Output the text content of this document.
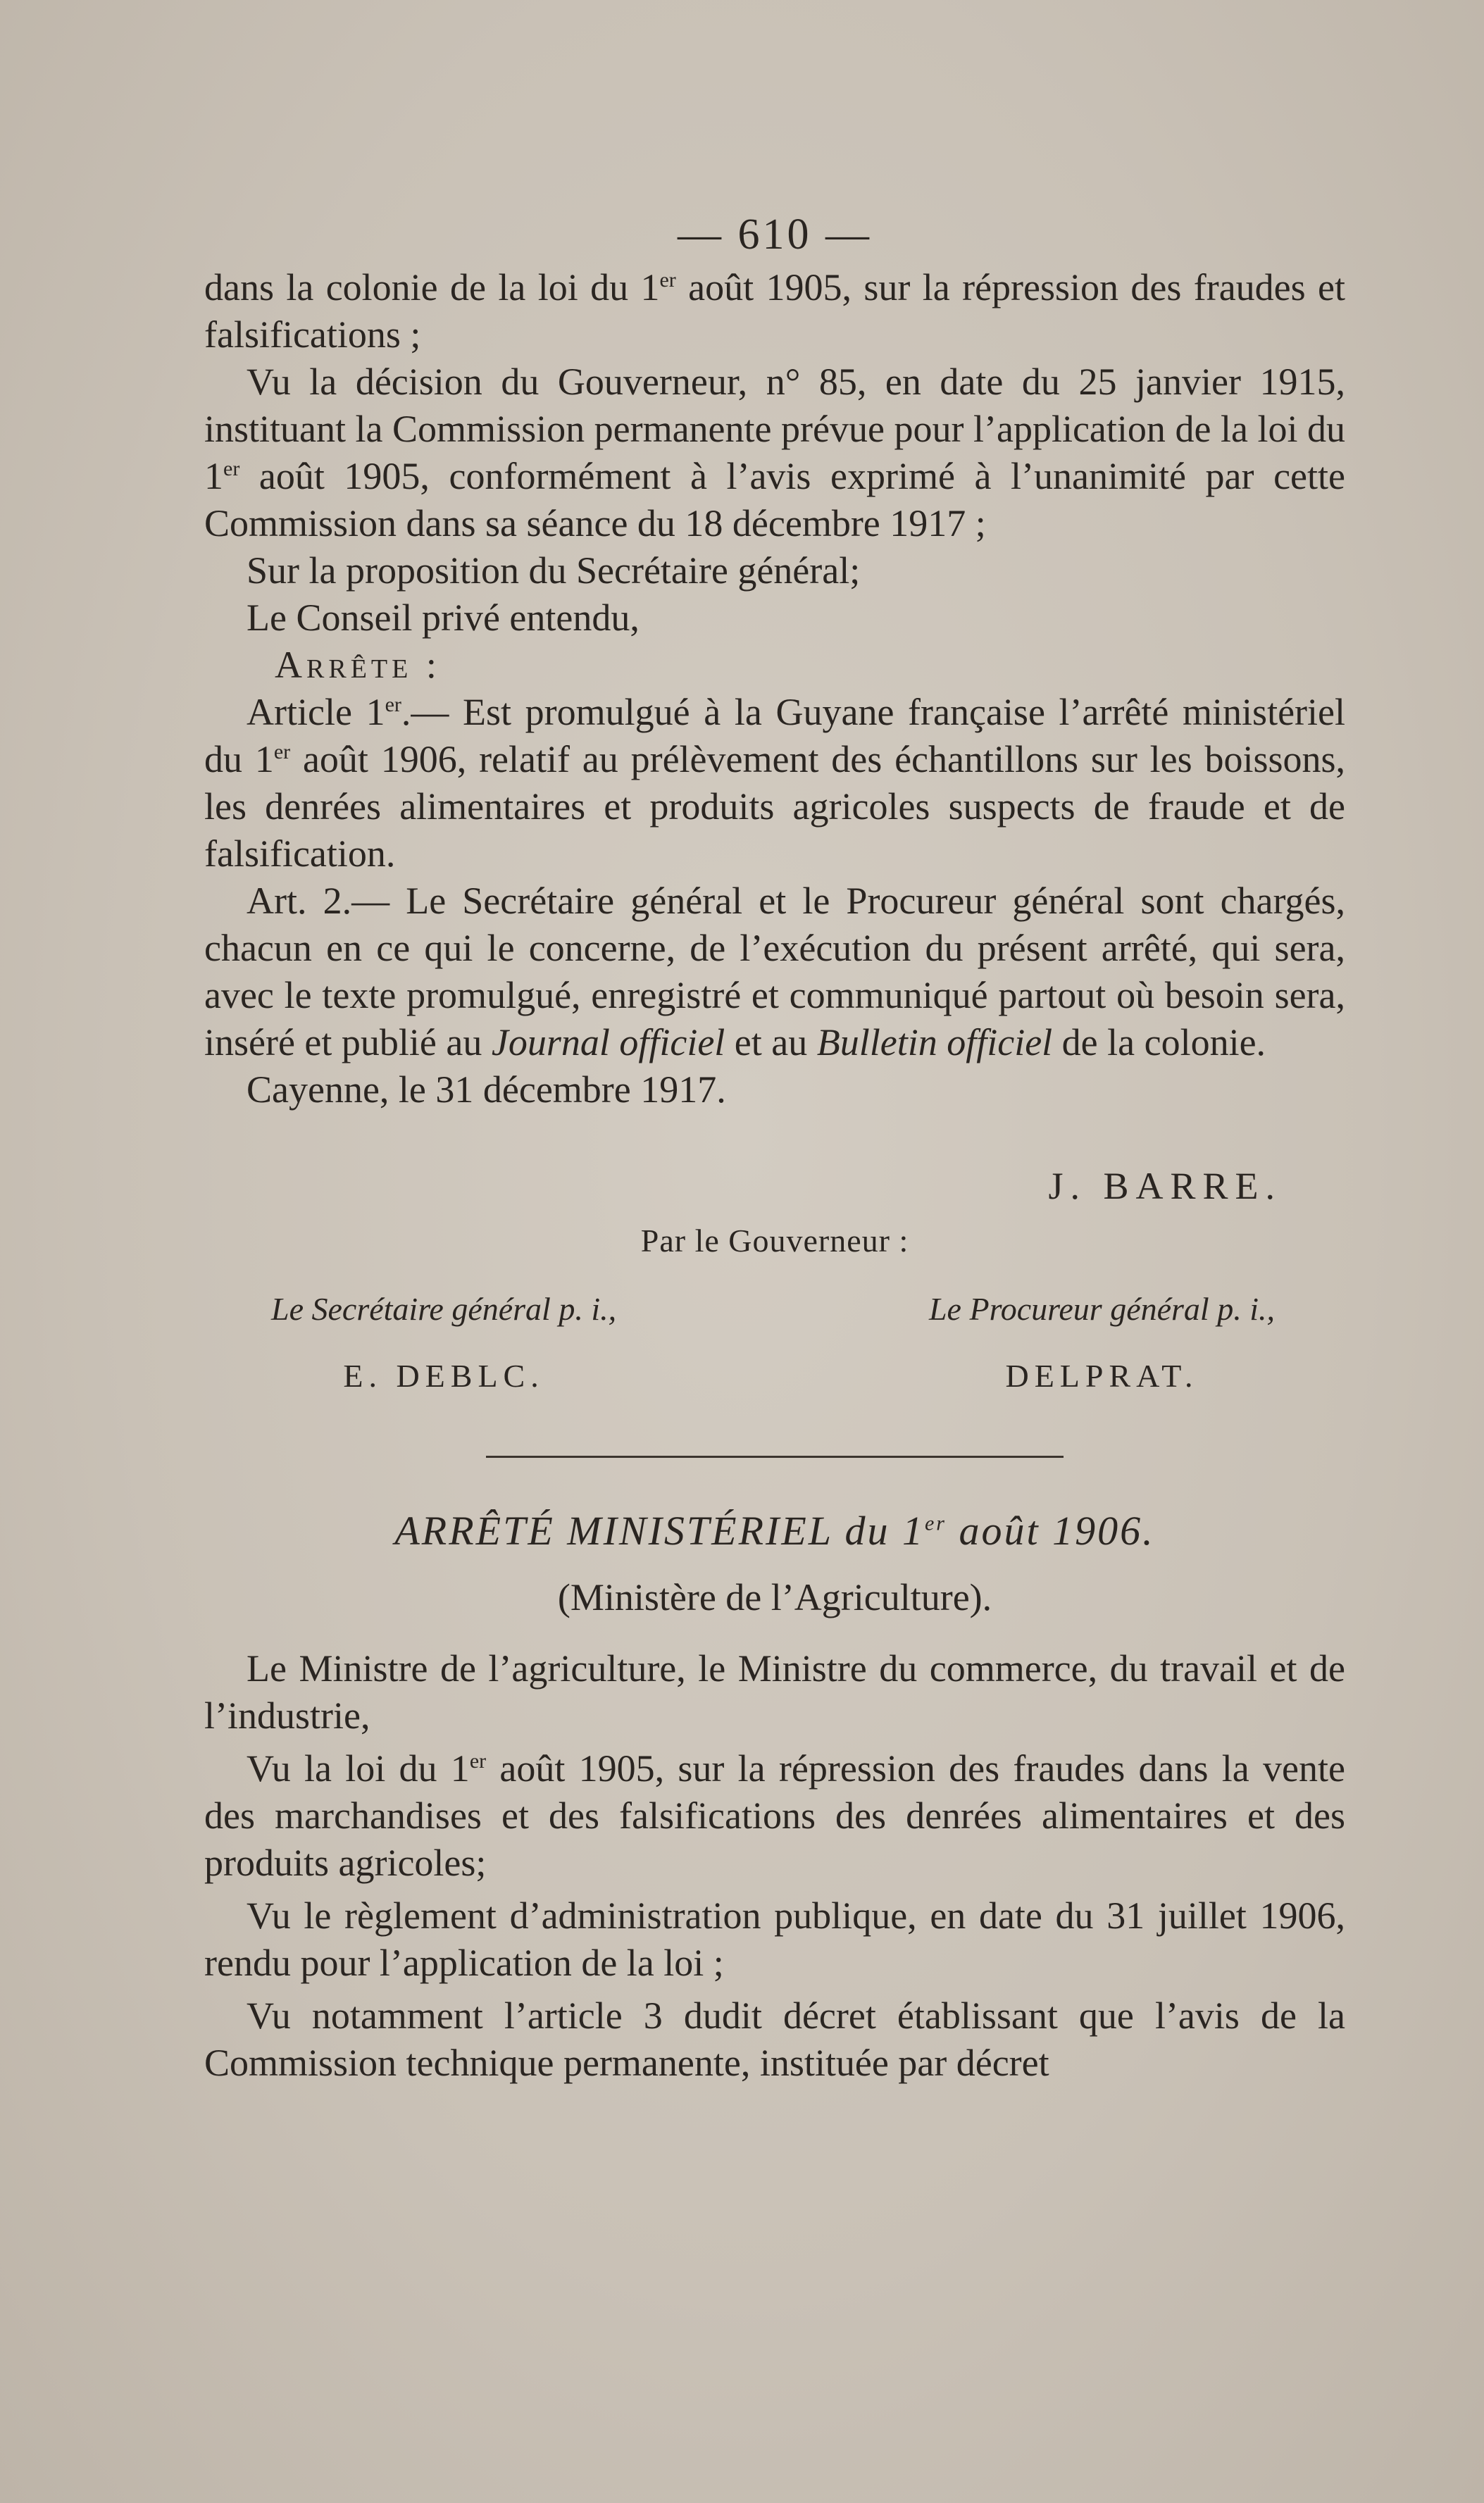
— 610 —

dans la colonie de la loi du 1er août 1905, sur la répression des fraudes et falsifications ;

Vu la décision du Gouverneur, n° 85, en date du 25 janvier 1915, instituant la Commission permanente prévue pour l’application de la loi du 1er août 1905, conformément à l’avis exprimé à l’unanimité par cette Commission dans sa séance du 18 décembre 1917 ;

Sur la proposition du Secrétaire général;

Le Conseil privé entendu,

Arrête :

Article 1er.— Est promulgué à la Guyane française l’arrêté ministériel du 1er août 1906, relatif au prélèvement des échantillons sur les boissons, les denrées alimentaires et produits agricoles suspects de fraude et de falsification.

Art. 2.— Le Secrétaire général et le Procureur général sont chargés, chacun en ce qui le concerne, de l’exécution du présent arrêté, qui sera, avec le texte promulgué, enregistré et communiqué partout où besoin sera, inséré et publié au Journal officiel et au Bulletin officiel de la colonie.

Cayenne, le 31 décembre 1917.

J. BARRE.
Par le Gouverneur :
Le Secrétaire général p. i.,
E. DEBLC.
Le Procureur général p. i.,
DELPRAT.
ARRÊTÉ MINISTÉRIEL du 1er août 1906.
(Ministère de l’Agriculture).

Le Ministre de l’agriculture, le Ministre du commerce, du travail et de l’industrie,

Vu la loi du 1er août 1905, sur la répression des fraudes dans la vente des marchandises et des falsifications des denrées alimentaires et des produits agricoles;

Vu le règlement d’administration publique, en date du 31 juillet 1906, rendu pour l’application de la loi ;

Vu notamment l’article 3 dudit décret établissant que l’avis de la Commission technique permanente, instituée par décret
